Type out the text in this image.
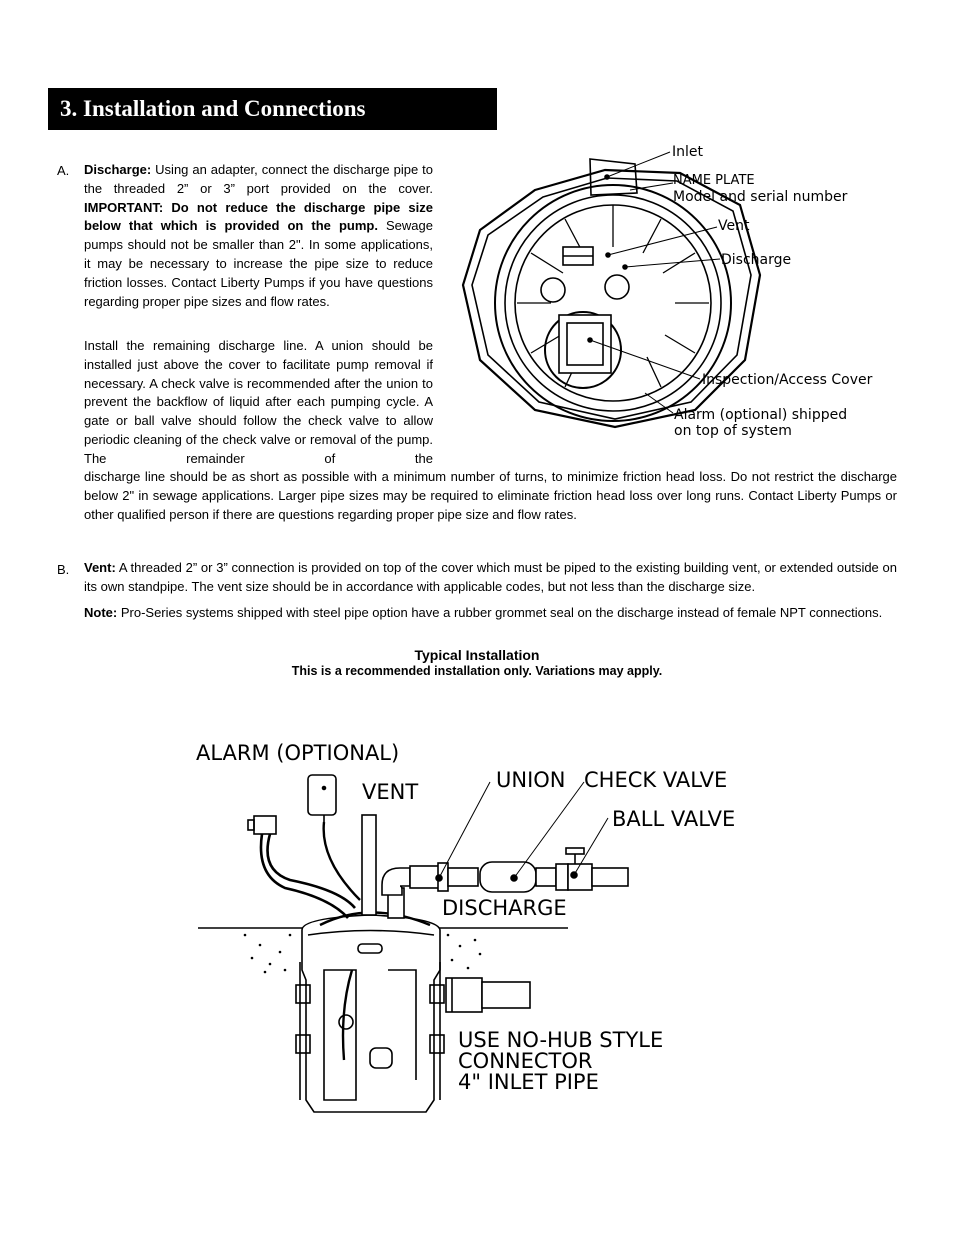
3. Installation and Connections
A. Discharge: Using an adapter, connect the discharge pipe to the threaded 2” or 3” port provided on the cover. IMPORTANT: Do not reduce the discharge pipe size below that which is provided on the pump. Sewage pumps should not be smaller than 2". In some applications, it may be necessary to increase the pipe size to reduce friction losses. Contact Liberty Pumps if you have questions regarding proper pipe sizes and flow rates.
Install the remaining discharge line. A union should be installed just above the cover to facilitate pump removal if necessary. A check valve is recommended after the union to prevent the backflow of liquid after each pumping cycle. A gate or ball valve should follow the check valve to allow periodic cleaning of the check valve or removal of the pump. The remainder of the
discharge line should be as short as possible with a minimum number of turns, to minimize friction head loss. Do not restrict the discharge below 2" in sewage applications. Larger pipe sizes may be required to eliminate friction head loss over long runs. Contact Liberty Pumps or other qualified person if there are questions regarding proper pipe size and flow rates.
B. Vent: A threaded 2” or 3” connection is provided on top of the cover which must be piped to the existing building vent, or extended outside on its own standpipe. The vent size should be in accordance with applicable codes, but not less than the discharge size.
Note: Pro-Series systems shipped with steel pipe option have a rubber grommet seal on the discharge instead of female NPT connections.
Typical Installation
This is a recommended installation only. Variations may apply.
Inlet
NAME PLATE
Model and serial number
Vent
Discharge
Inspection/Access Cover
Alarm (optional) shipped
on top of system
ALARM (OPTIONAL)
VENT	UNION CHECK VALVE
BALL VALVE
DISCHARGE
USE NO-HUB STYLE
CONNECTOR
4" INLET PIPE
